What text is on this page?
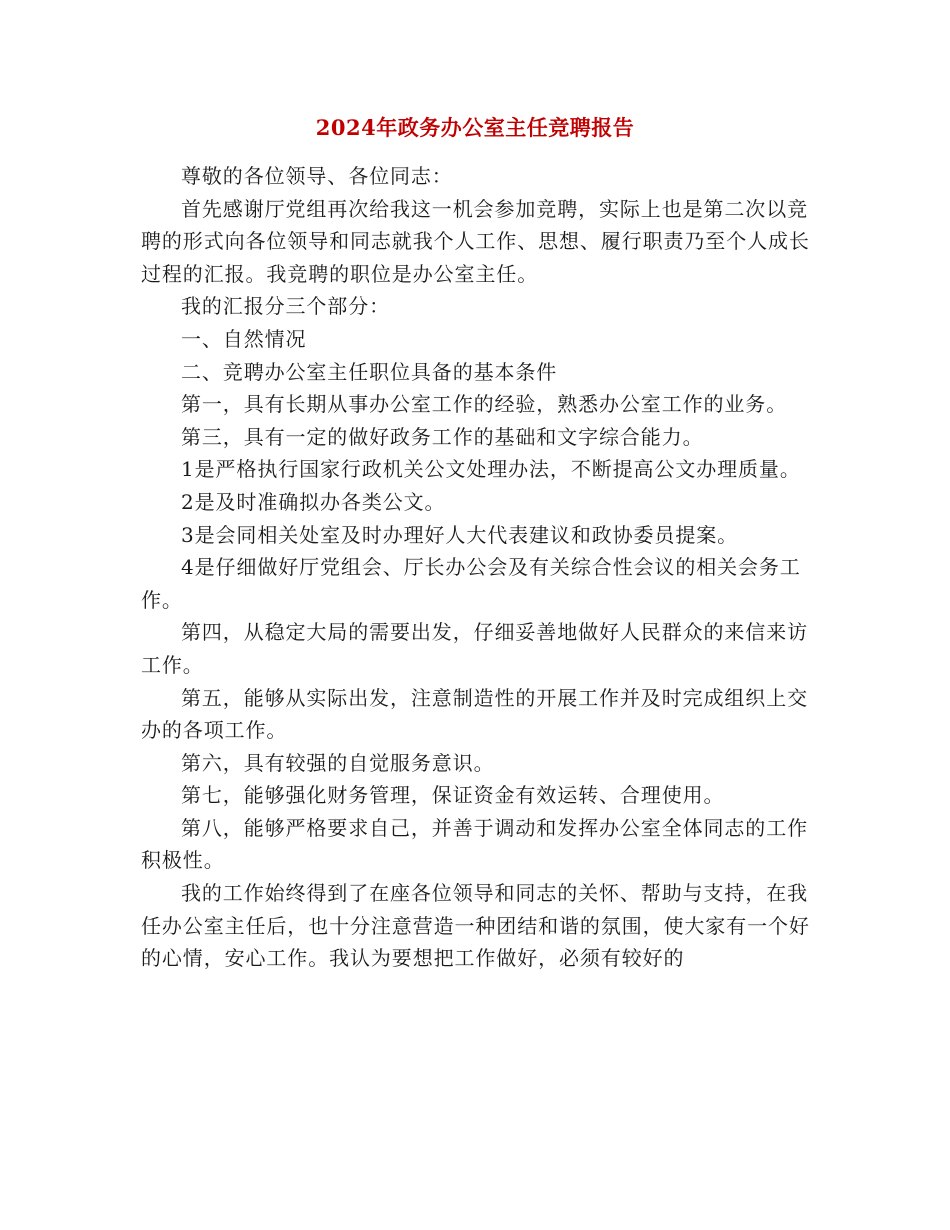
2024年政务办公室主任竞聘报告

尊敬的各位领导、各位同志：

首先感谢厅党组再次给我这一机会参加竞聘，实际上也是第二次以竞聘的形式向各位领导和同志就我个人工作、思想、履行职责乃至个人成长过程的汇报。我竞聘的职位是办公室主任。

我的汇报分三个部分：

一、自然情况

二、竞聘办公室主任职位具备的基本条件

第一，具有长期从事办公室工作的经验，熟悉办公室工作的业务。

第三，具有一定的做好政务工作的基础和文字综合能力。

1是严格执行国家行政机关公文处理办法，不断提高公文办理质量。

2是及时准确拟办各类公文。

3是会同相关处室及时办理好人大代表建议和政协委员提案。

4是仔细做好厅党组会、厅长办公会及有关综合性会议的相关会务工作。

第四，从稳定大局的需要出发，仔细妥善地做好人民群众的来信来访工作。

第五，能够从实际出发，注意制造性的开展工作并及时完成组织上交办的各项工作。

第六，具有较强的自觉服务意识。

第七，能够强化财务管理，保证资金有效运转、合理使用。

第八，能够严格要求自己，并善于调动和发挥办公室全体同志的工作积极性。

我的工作始终得到了在座各位领导和同志的关怀、帮助与支持，在我任办公室主任后，也十分注意营造一种团结和谐的氛围，使大家有一个好的心情，安心工作。我认为要想把工作做好，必须有较好的
